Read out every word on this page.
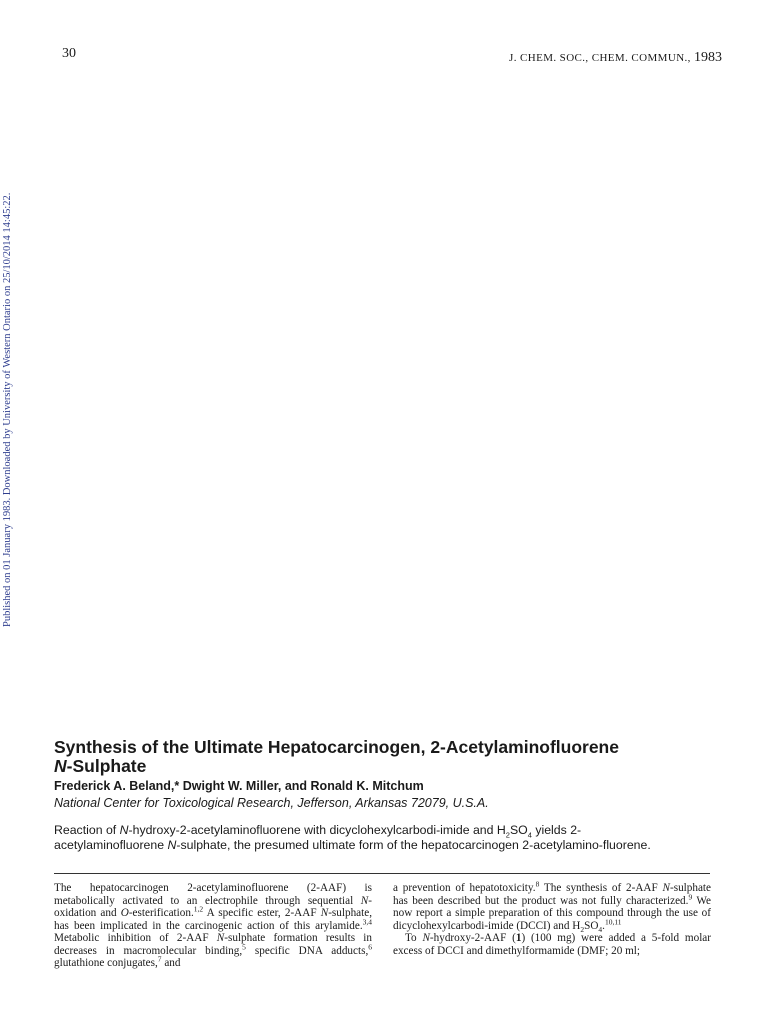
30	J. CHEM. SOC., CHEM. COMMUN., 1983
Published on 01 January 1983. Downloaded by University of Western Ontario on 25/10/2014 14:45:22.
Synthesis of the Ultimate Hepatocarcinogen, 2-Acetylaminofluorene
N-Sulphate
Frederick A. Beland,* Dwight W. Miller, and Ronald K. Mitchum
National Center for Toxicological Research, Jefferson, Arkansas 72079, U.S.A.
Reaction of N-hydroxy-2-acetylaminofluorene with dicyclohexylcarbodi-imide and $H_2SO_4$ yields 2-acetylaminofluorene N-sulphate, the presumed ultimate form of the hepatocarcinogen 2-acetylamino-fluorene.

The hepatocarcinogen 2-acetylaminofluorene (2-AAF) is metabolically activated to an electrophile through sequential N-oxidation and O-esterification.$^{1,2}$ A specific ester, 2-AAF N-sulphate, has been implicated in the carcinogenic action of this arylamide.$^{3,4}$ Metabolic inhibition of 2-AAF N-sulphate formation results in decreases in macromolecular binding,$^5$ specific DNA adducts,$^6$ glutathione conjugates,$^7$ and

a prevention of hepatotoxicity.$^8$ The synthesis of 2-AAF N-sulphate has been described but the product was not fully characterized.$^9$ We now report a simple preparation of this compound through the use of dicyclohexylcarbodi-imide (DCCI) and $H_2SO_4.^{10,11}$

To N-hydroxy-2-AAF (1) (100 mg) were added a 5-fold molar excess of DCCI and dimethylformamide (DMF; 20 ml;
